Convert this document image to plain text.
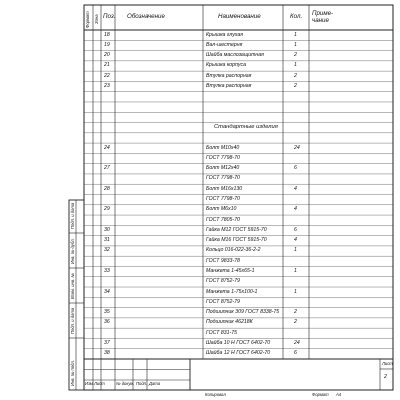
Формат Зона Поз. Обозначение	Наименование	Кол. Приме- чание
18	Крышка глухая	1
19	Вал-шестерня	1
20	Шайба маслозащитная	2
21	Крышка корпуса	1
22	Втулка распорная	2
23	Втулка распорная	2
Стандартные изделия
24	Болт М10х40	24
ГОСТ 7798-70
27	Болт М12х40	6
ГОСТ 7798-70
28	Болт М16х130	4
ГОСТ 7798-70
29	Болт М6х10	4
ГОСТ 7805-70
30	Гайка М12 ГОСТ 5915-70	6
31	Гайка М16 ГОСТ 5915-70	4
32	Кольцо 016-022-36-2-2	1
ГОСТ 9833-78
33	Манжета 1-45х65-1	1
ГОСТ 8752-79
34	Манжета 1-75х100-1	1
ГОСТ 8752-79
35	Подшипник 309 ГОСТ 8338-75	2
36	Подшипник 46218К	2
ГОСТ 831-75
37	Шайба 10 Н ГОСТ 6402-70	24
38	Шайба 12 Н ГОСТ 6402-70	6
Изм. Лист	№ докум. Подп. Дата
Лист
2
Копировал	Формат А4
Инв. № подл.
Подп. и дата
Взам. инв. №
Инв. № дубл.
Подп. и дата
